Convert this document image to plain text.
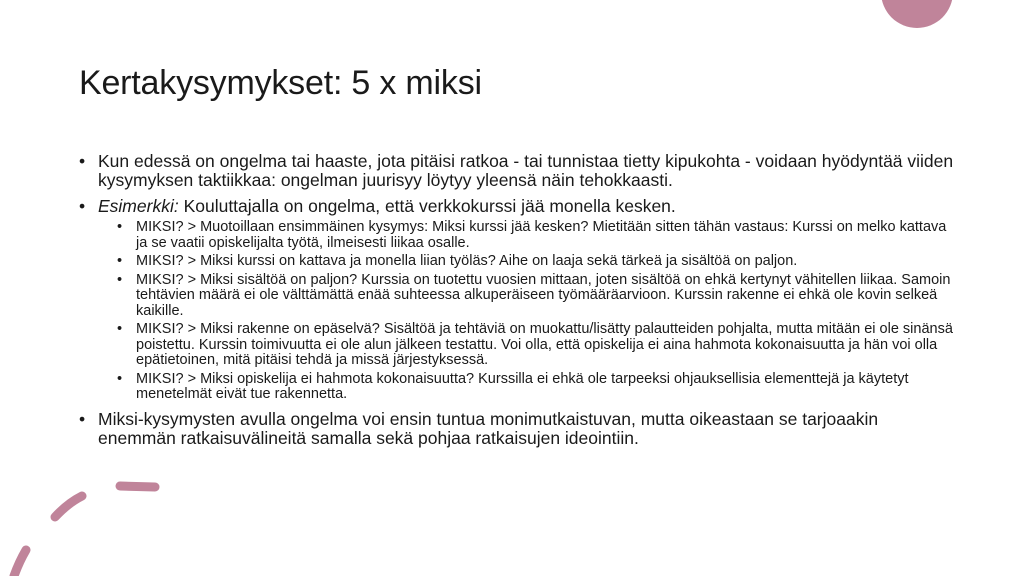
Kertakysymykset: 5 x miksi
• Kun edessä on ongelma tai haaste, jota pitäisi ratkoa - tai tunnistaa tietty kipukohta - voidaan hyödyntää viiden kysymyksen taktiikkaa: ongelman juurisyy löytyy yleensä näin tehokkaasti.
• Esimerkki: Kouluttajalla on ongelma, että verkkokurssi jää monella kesken.
• MIKSI? > Muotoillaan ensimmäinen kysymys: Miksi kurssi jää kesken? Mietitään sitten tähän vastaus: Kurssi on melko kattava ja se vaatii opiskelijalta työtä, ilmeisesti liikaa osalle.
• MIKSI? > Miksi kurssi on kattava ja monella liian työläs? Aihe on laaja sekä tärkeä ja sisältöä on paljon.
• MIKSI? > Miksi sisältöä on paljon? Kurssia on tuotettu vuosien mittaan, joten sisältöä on ehkä kertynyt vähitellen liikaa. Samoin tehtävien määrä ei ole välttämättä enää suhteessa alkuperäiseen työmääräarvioon. Kurssin rakenne ei ehkä ole kovin selkeä kaikille.
• MIKSI? > Miksi rakenne on epäselvä? Sisältöä ja tehtäviä on muokattu/lisätty palautteiden pohjalta, mutta mitään ei ole sinänsä poistettu. Kurssin toimivuutta ei ole alun jälkeen testattu. Voi olla, että opiskelija ei aina hahmota kokonaisuutta ja hän voi olla epätietoinen, mitä pitäisi tehdä ja missä järjestyksessä.
• MIKSI? > Miksi opiskelija ei hahmota kokonaisuutta? Kurssilla ei ehkä ole tarpeeksi ohjauksellisia elementtejä ja käytetyt menetelmät eivät tue rakennetta.
• Miksi-kysymysten avulla ongelma voi ensin tuntua monimutkaistuvan, mutta oikeastaan se tarjoaakin enemmän ratkaisuvälineitä samalla sekä pohjaa ratkaisujen ideointiin.
